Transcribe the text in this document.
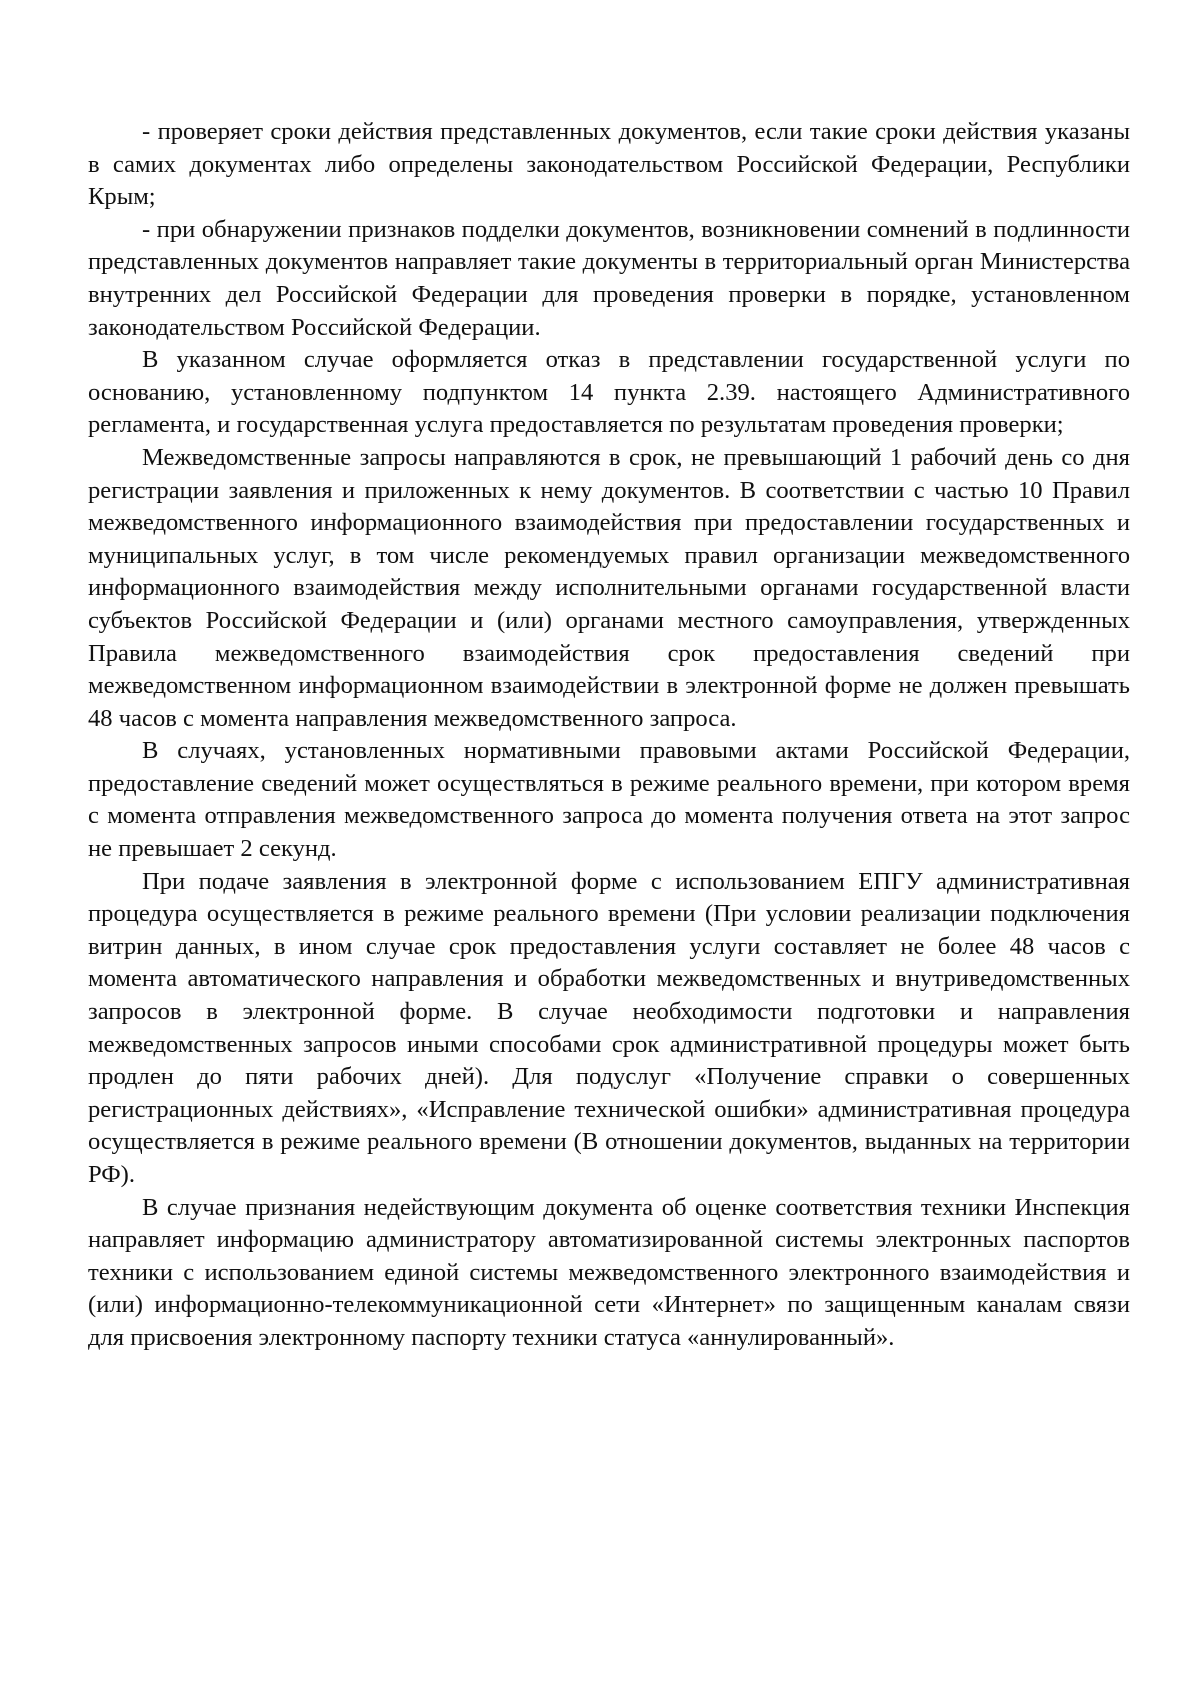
- проверяет сроки действия представленных документов, если такие сроки действия указаны в самих документах либо определены законодательством Российской Федерации, Республики Крым;

- при обнаружении признаков подделки документов, возникновении сомнений в подлинности представленных документов направляет такие документы в территориальный орган Министерства внутренних дел Российской Федерации для проведения проверки в порядке, установленном законодательством Российской Федерации.

В указанном случае оформляется отказ в представлении государственной услуги по основанию, установленному подпунктом 14 пункта 2.39. настоящего Административного регламента, и государственная услуга предоставляется по результатам проведения проверки;

Межведомственные запросы направляются в срок, не превышающий 1 рабочий день со дня регистрации заявления и приложенных к нему документов. В соответствии с частью 10 Правил межведомственного информационного взаимодействия при предоставлении государственных и муниципальных услуг, в том числе рекомендуемых правил организации межведомственного информационного взаимодействия между исполнительными органами государственной власти субъектов Российской Федерации и (или) органами местного самоуправления, утвержденных Правила межведомственного взаимодействия срок предоставления сведений при межведомственном информационном взаимодействии в электронной форме не должен превышать 48 часов с момента направления межведомственного запроса.

В случаях, установленных нормативными правовыми актами Российской Федерации, предоставление сведений может осуществляться в режиме реального времени, при котором время с момента отправления межведомственного запроса до момента получения ответа на этот запрос не превышает 2 секунд.

При подаче заявления в электронной форме с использованием ЕПГУ административная процедура осуществляется в режиме реального времени (При условии реализации подключения витрин данных, в ином случае срок предоставления услуги составляет не более 48 часов с момента автоматического направления и обработки межведомственных и внутриведомственных запросов в электронной форме. В случае необходимости подготовки и направления межведомственных запросов иными способами срок административной процедуры может быть продлен до пяти рабочих дней). Для подуслуг «Получение справки о совершенных регистрационных действиях», «Исправление технической ошибки» административная процедура осуществляется в режиме реального времени (В отношении документов, выданных на территории РФ).

В случае признания недействующим документа об оценке соответствия техники Инспекция направляет информацию администратору автоматизированной системы электронных паспортов техники с использованием единой системы межведомственного электронного взаимодействия и (или) информационно-телекоммуникационной сети «Интернет» по защищенным каналам связи для присвоения электронному паспорту техники статуса «аннулированный».
